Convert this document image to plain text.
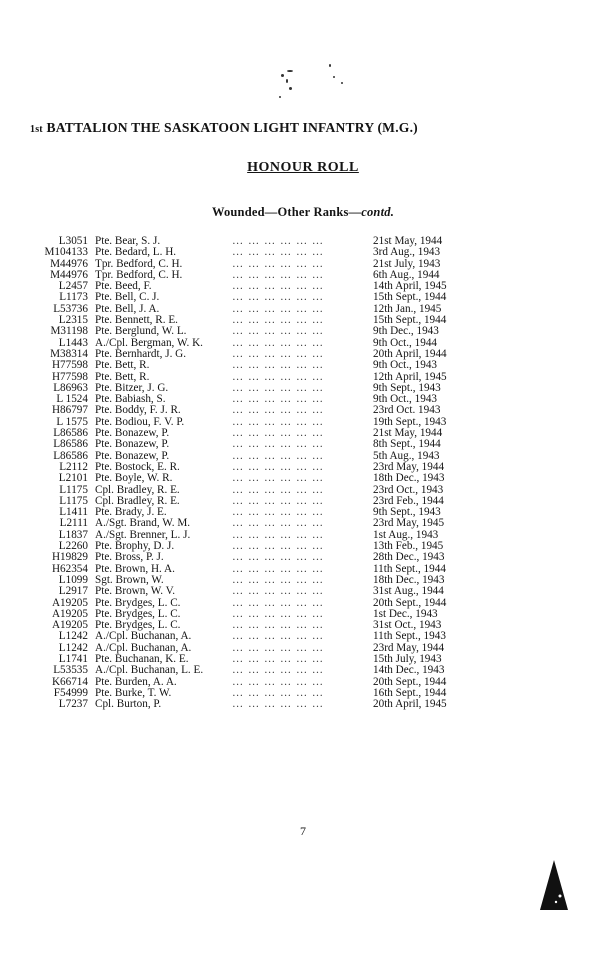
1st BATTALION THE SASKATOON LIGHT INFANTRY (M.G.)
HONOUR ROLL
Wounded—Other Ranks—contd.
L3051 Pte. Bear, S. J.	… … … … … …	21st May, 1944
M104133 Pte. Bedard, L. H.	… … … … … …	3rd Aug., 1943
M44976 Tpr. Bedford, C. H.	… … … … … …	21st July, 1943
M44976 Tpr. Bedford, C. H.	… … … … … …	6th Aug., 1944
L2457 Pte. Beed, F.	… … … … … …	14th April, 1945
L1173 Pte. Bell, C. J.	… … … … … …	15th Sept., 1944
L53736 Pte. Bell, J. A.	… … … … … …	12th Jan., 1945
L2315 Pte. Bennett, R. E.	… … … … … …	15th Sept., 1944
M31198 Pte. Berglund, W. L.	… … … … … …	9th Dec., 1943
L1443 A./Cpl. Bergman, W. K.	… … … … … …	9th Oct., 1944
M38314 Pte. Bernhardt, J. G.	… … … … … …	20th April, 1944
H77598 Pte. Bett, R.	… … … … … …	9th Oct., 1943
H77598 Pte. Bett, R.	… … … … … …	12th April, 1945
L86963 Pte. Bitzer, J. G.	… … … … … …	9th Sept., 1943
L 1524 Pte. Babiash, S.	… … … … … …	9th Oct., 1943
H86797 Pte. Boddy, F. J. R.	… … … … … …	23rd Oct. 1943
L 1575 Pte. Bodiou, F. V. P.	… … … … … …	19th Sept., 1943
L86586 Pte. Bonazew, P.	… … … … … …	21st May, 1944
L86586 Pte. Bonazew, P.	… … … … … …	8th Sept., 1944
L86586 Pte. Bonazew, P.	… … … … … …	5th Aug., 1943
L2112 Pte. Bostock, E. R.	… … … … … …	23rd May, 1944
L2101 Pte. Boyle, W. R.	… … … … … …	18th Dec., 1943
L1175 Cpl. Bradley, R. E.	… … … … … …	23rd Oct., 1943
L1175 Cpl. Bradley, R. E.	… … … … … …	23rd Feb., 1944
L1411 Pte. Brady, J. E.	… … … … … …	9th Sept., 1943
L2111 A./Sgt. Brand, W. M.	… … … … … …	23rd May, 1945
L1837 A./Sgt. Brenner, L. J.	… … … … … …	1st Aug., 1943
L2260 Pte. Brophy, D. J.	… … … … … …	13th Feb., 1945
H19829 Pte. Bross, P. J.	… … … … … …	28th Dec., 1943
H62354 Pte. Brown, H. A.	… … … … … …	11th Sept., 1944
L1099 Sgt. Brown, W.	… … … … … …	18th Dec., 1943
L2917 Pte. Brown, W. V.	… … … … … …	31st Aug., 1944
A19205 Pte. Brydges, L. C.	… … … … … …	20th Sept., 1944
A19205 Pte. Brydges, L. C.	… … … … … …	1st Dec., 1943
A19205 Pte. Brydges, L. C.	… … … … … …	31st Oct., 1943
L1242 A./Cpl. Buchanan, A.	… … … … … …	11th Sept., 1943
L1242 A./Cpl. Buchanan, A.	… … … … … …	23rd May, 1944
L1741 Pte. Buchanan, K. E.	… … … … … …	15th July, 1943
L53535 A./Cpl. Buchanan, L. E.	… … … … … …	14th Dec., 1943
K66714 Pte. Burden, A. A.	… … … … … …	20th Sept., 1944
F54999 Pte. Burke, T. W.	… … … … … …	16th Sept., 1944
L7237 Cpl. Burton, P.	… … … … … …	20th April, 1945
7
